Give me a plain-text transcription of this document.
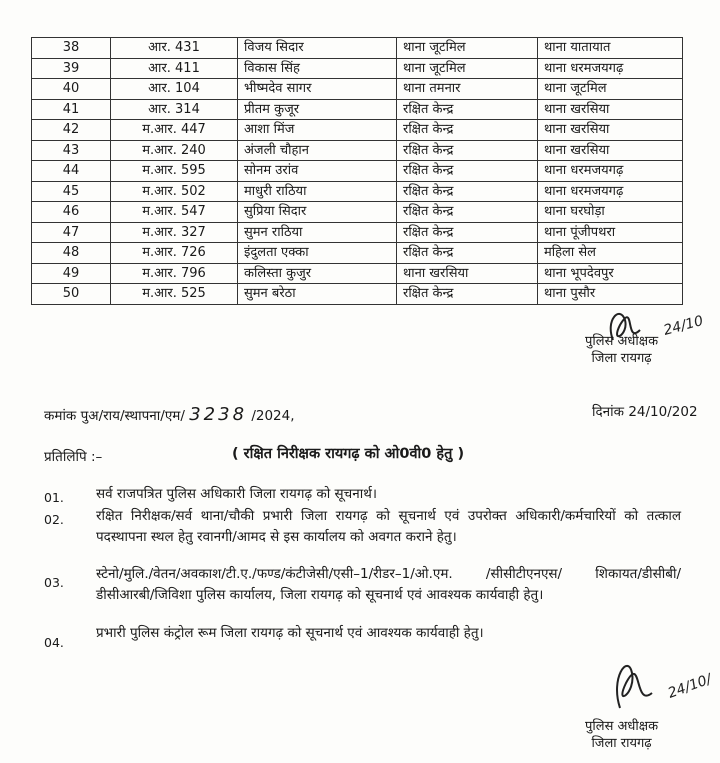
38	आर. 431	विजय सिदार	थाना जूटमिल	थाना यातायात
39	आर. 411	विकास सिंह	थाना जूटमिल	थाना धरमजयगढ़
40	आर. 104	भीष्मदेव सागर	थाना तमनार	थाना जूटमिल
41	आर. 314	प्रीतम कुजूर	रक्षित केन्द्र	थाना खरसिया
42	म.आर. 447	आशा मिंज	रक्षित केन्द्र	थाना खरसिया
43	म.आर. 240	अंजली चौहान	रक्षित केन्द्र	थाना खरसिया
44	म.आर. 595	सोनम उरांव	रक्षित केन्द्र	थाना धरमजयगढ़
45	म.आर. 502	माधुरी राठिया	रक्षित केन्द्र	थाना धरमजयगढ़
46	म.आर. 547	सुप्रिया सिदार	रक्षित केन्द्र	थाना घरघोड़ा
47	म.आर. 327	सुमन राठिया	रक्षित केन्द्र	थाना पूंजीपथरा
48	म.आर. 726	इंदुलता एक्का	रक्षित केन्द्र	महिला सेल
49	म.आर. 796	कलिस्ता कुजुर	थाना खरसिया	थाना भूपदेवपुर
50	म.आर. 525	सुमन बरेठा	रक्षित केन्द्र	थाना पुसौर
24/10
पुलिस अधीक्षक
जिला रायगढ़
कमांक पुअ/राय/स्थापना/एम/ 3238 /2024,	दिनांक 24/10/202
प्रतिलिपि :–	( रक्षित निरीक्षक रायगढ़ को ओ0वी0 हेतु )
01. सर्व राजपत्रित पुलिस अधिकारी जिला रायगढ़ को सूचनार्थ।
02. रक्षित निरीक्षक/सर्व थाना/चौकी प्रभारी जिला रायगढ़ को सूचनार्थ एवं उपरोक्त अधिकारी/कर्मचारियों को तत्काल पदस्थापना स्थल हेतु रवानगी/आमद से इस कार्यालय को अवगत कराने हेतु।
03.
स्टेनो/मुलि./वेतन/अवकाश/टी.ए./फण्ड/कंटीजेसी/एसी–1/रीडर–1/ओ.एम. /सीसीटीएनएस/ शिकायत/डीसीबी/डीसीआरबी/जिविशा पुलिस कार्यालय, जिला रायगढ़ को सूचनार्थ एवं आवश्यक कार्यवाही हेतु।
04.
प्रभारी पुलिस कंट्रोल रूम जिला रायगढ़ को सूचनार्थ एवं आवश्यक कार्यवाही हेतु।
24/10/
पुलिस अधीक्षक
जिला रायगढ़
